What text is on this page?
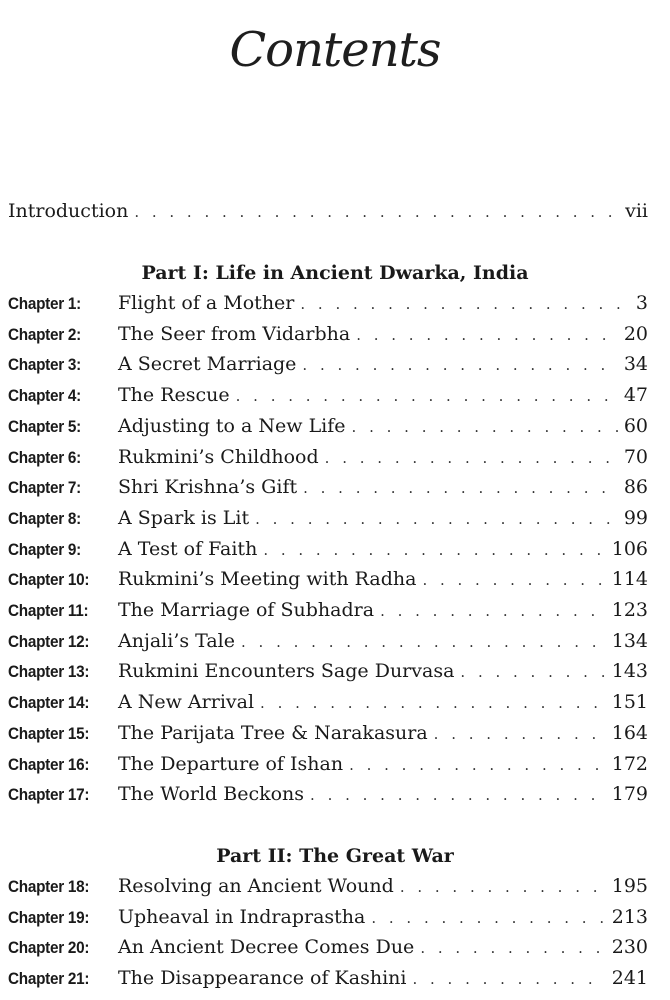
Contents
Introduction . . .	vii
Part I: Life in Ancient Dwarka, India
Chapter 1:	Flight of a Mother . . .	3
Chapter 2:	The Seer from Vidarbha . . .	20
Chapter 3:	A Secret Marriage . . .	34
Chapter 4:	The Rescue . . .	47
Chapter 5:	Adjusting to a New Life . . .	60
Chapter 6:	Rukmini’s Childhood . . .	70
Chapter 7:	Shri Krishna’s Gift . . .	86
Chapter 8:	A Spark is Lit . . .	99
Chapter 9:	A Test of Faith . . .	106
Chapter 10:	Rukmini’s Meeting with Radha . . .	114
Chapter 11:	The Marriage of Subhadra . . .	123
Chapter 12:	Anjali’s Tale . . .	134
Chapter 13:	Rukmini Encounters Sage Durvasa . . .	143
Chapter 14:	A New Arrival . . .	151
Chapter 15:	The Parijata Tree & Narakasura . . .	164
Chapter 16:	The Departure of Ishan . . .	172
Chapter 17:	The World Beckons . . .	179
Part II: The Great War
Chapter 18:	Resolving an Ancient Wound . . .	195
Chapter 19:	Upheaval in Indraprastha . . .	213
Chapter 20:	An Ancient Decree Comes Due . . .	230
Chapter 21:	The Disappearance of Kashini . . .	241
